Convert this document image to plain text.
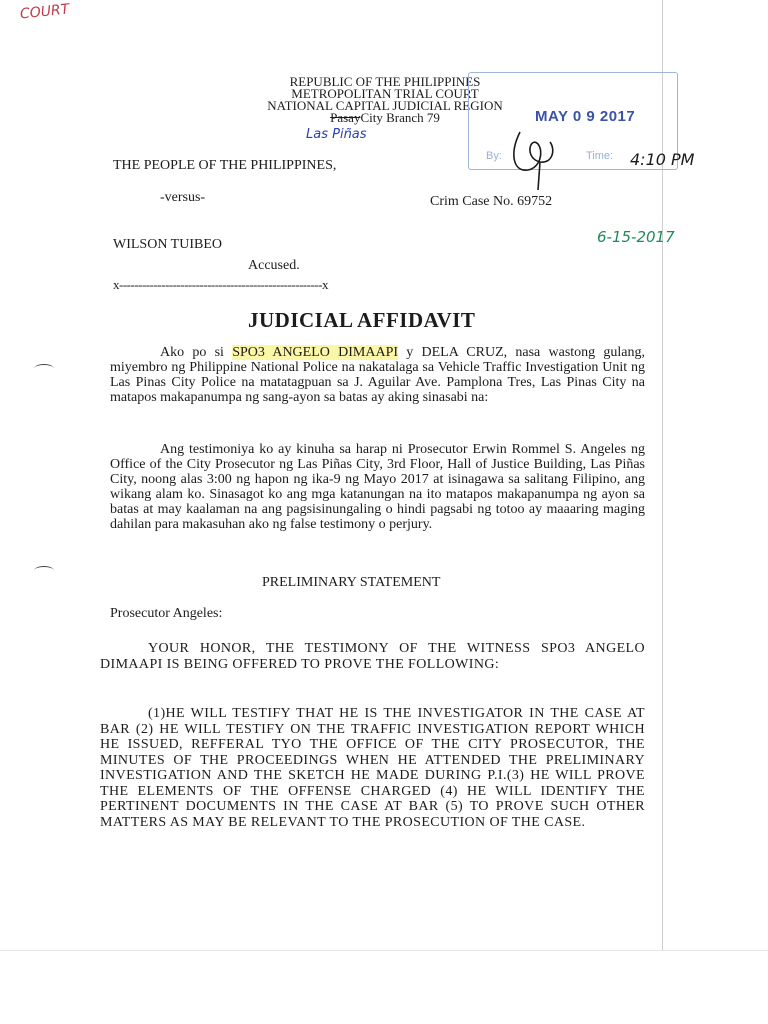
COURT
REPUBLIC OF THE PHILIPPINES
METROPOLITAN TRIAL COURT
NATIONAL CAPITAL JUDICIAL REGION
PasayCity Branch 79
Las Piñas
MAY 0 9 2017
By:	Time: 4:10 PM
THE PEOPLE OF THE PHILIPPINES,
-versus-	Crim Case No. 69752
6-15-2017
WILSON TUIBEO
Accused.
x-----------------------------------------------------x
JUDICIAL AFFIDAVIT
Ako po si SPO3 ANGELO DIMAAPI y DELA CRUZ, nasa wastong gulang, miyembro ng Philippine National Police na nakatalaga sa Vehicle Traffic Investigation Unit ng Las Pinas City Police na matatagpuan sa J. Aguilar Ave. Pamplona Tres, Las Pinas City na matapos makapanumpa ng sang-ayon sa batas ay aking sinasabi na:
Ang testimoniya ko ay kinuha sa harap ni Prosecutor Erwin Rommel S. Angeles ng Office of the City Prosecutor ng Las Piñas City, 3rd Floor, Hall of Justice Building, Las Piñas City, noong alas 3:00 ng hapon ng ika-9 ng Mayo 2017 at isinagawa sa salitang Filipino, ang wikang alam ko. Sinasagot ko ang mga katanungan na ito matapos makapanumpa ng ayon sa batas at may kaalaman na ang pagsisinungaling o hindi pagsabi ng totoo ay maaaring maging dahilan para makasuhan ako ng false testimony o perjury.
PRELIMINARY STATEMENT
Prosecutor Angeles:
YOUR HONOR, THE TESTIMONY OF THE WITNESS SPO3 ANGELO DIMAAPI IS BEING OFFERED TO PROVE THE FOLLOWING:
(1)HE WILL TESTIFY THAT HE IS THE INVESTIGATOR IN THE CASE AT BAR (2) HE WILL TESTIFY ON THE TRAFFIC INVESTIGATION REPORT WHICH HE ISSUED, REFFERAL TYO THE OFFICE OF THE CITY PROSECUTOR, THE MINUTES OF THE PROCEEDINGS WHEN HE ATTENDED THE PRELIMINARY INVESTIGATION AND THE SKETCH HE MADE DURING P.I.(3) HE WILL PROVE THE ELEMENTS OF THE OFFENSE CHARGED (4) HE WILL IDENTIFY THE PERTINENT DOCUMENTS IN THE CASE AT BAR (5) TO PROVE SUCH OTHER MATTERS AS MAY BE RELEVANT TO THE PROSECUTION OF THE CASE.
